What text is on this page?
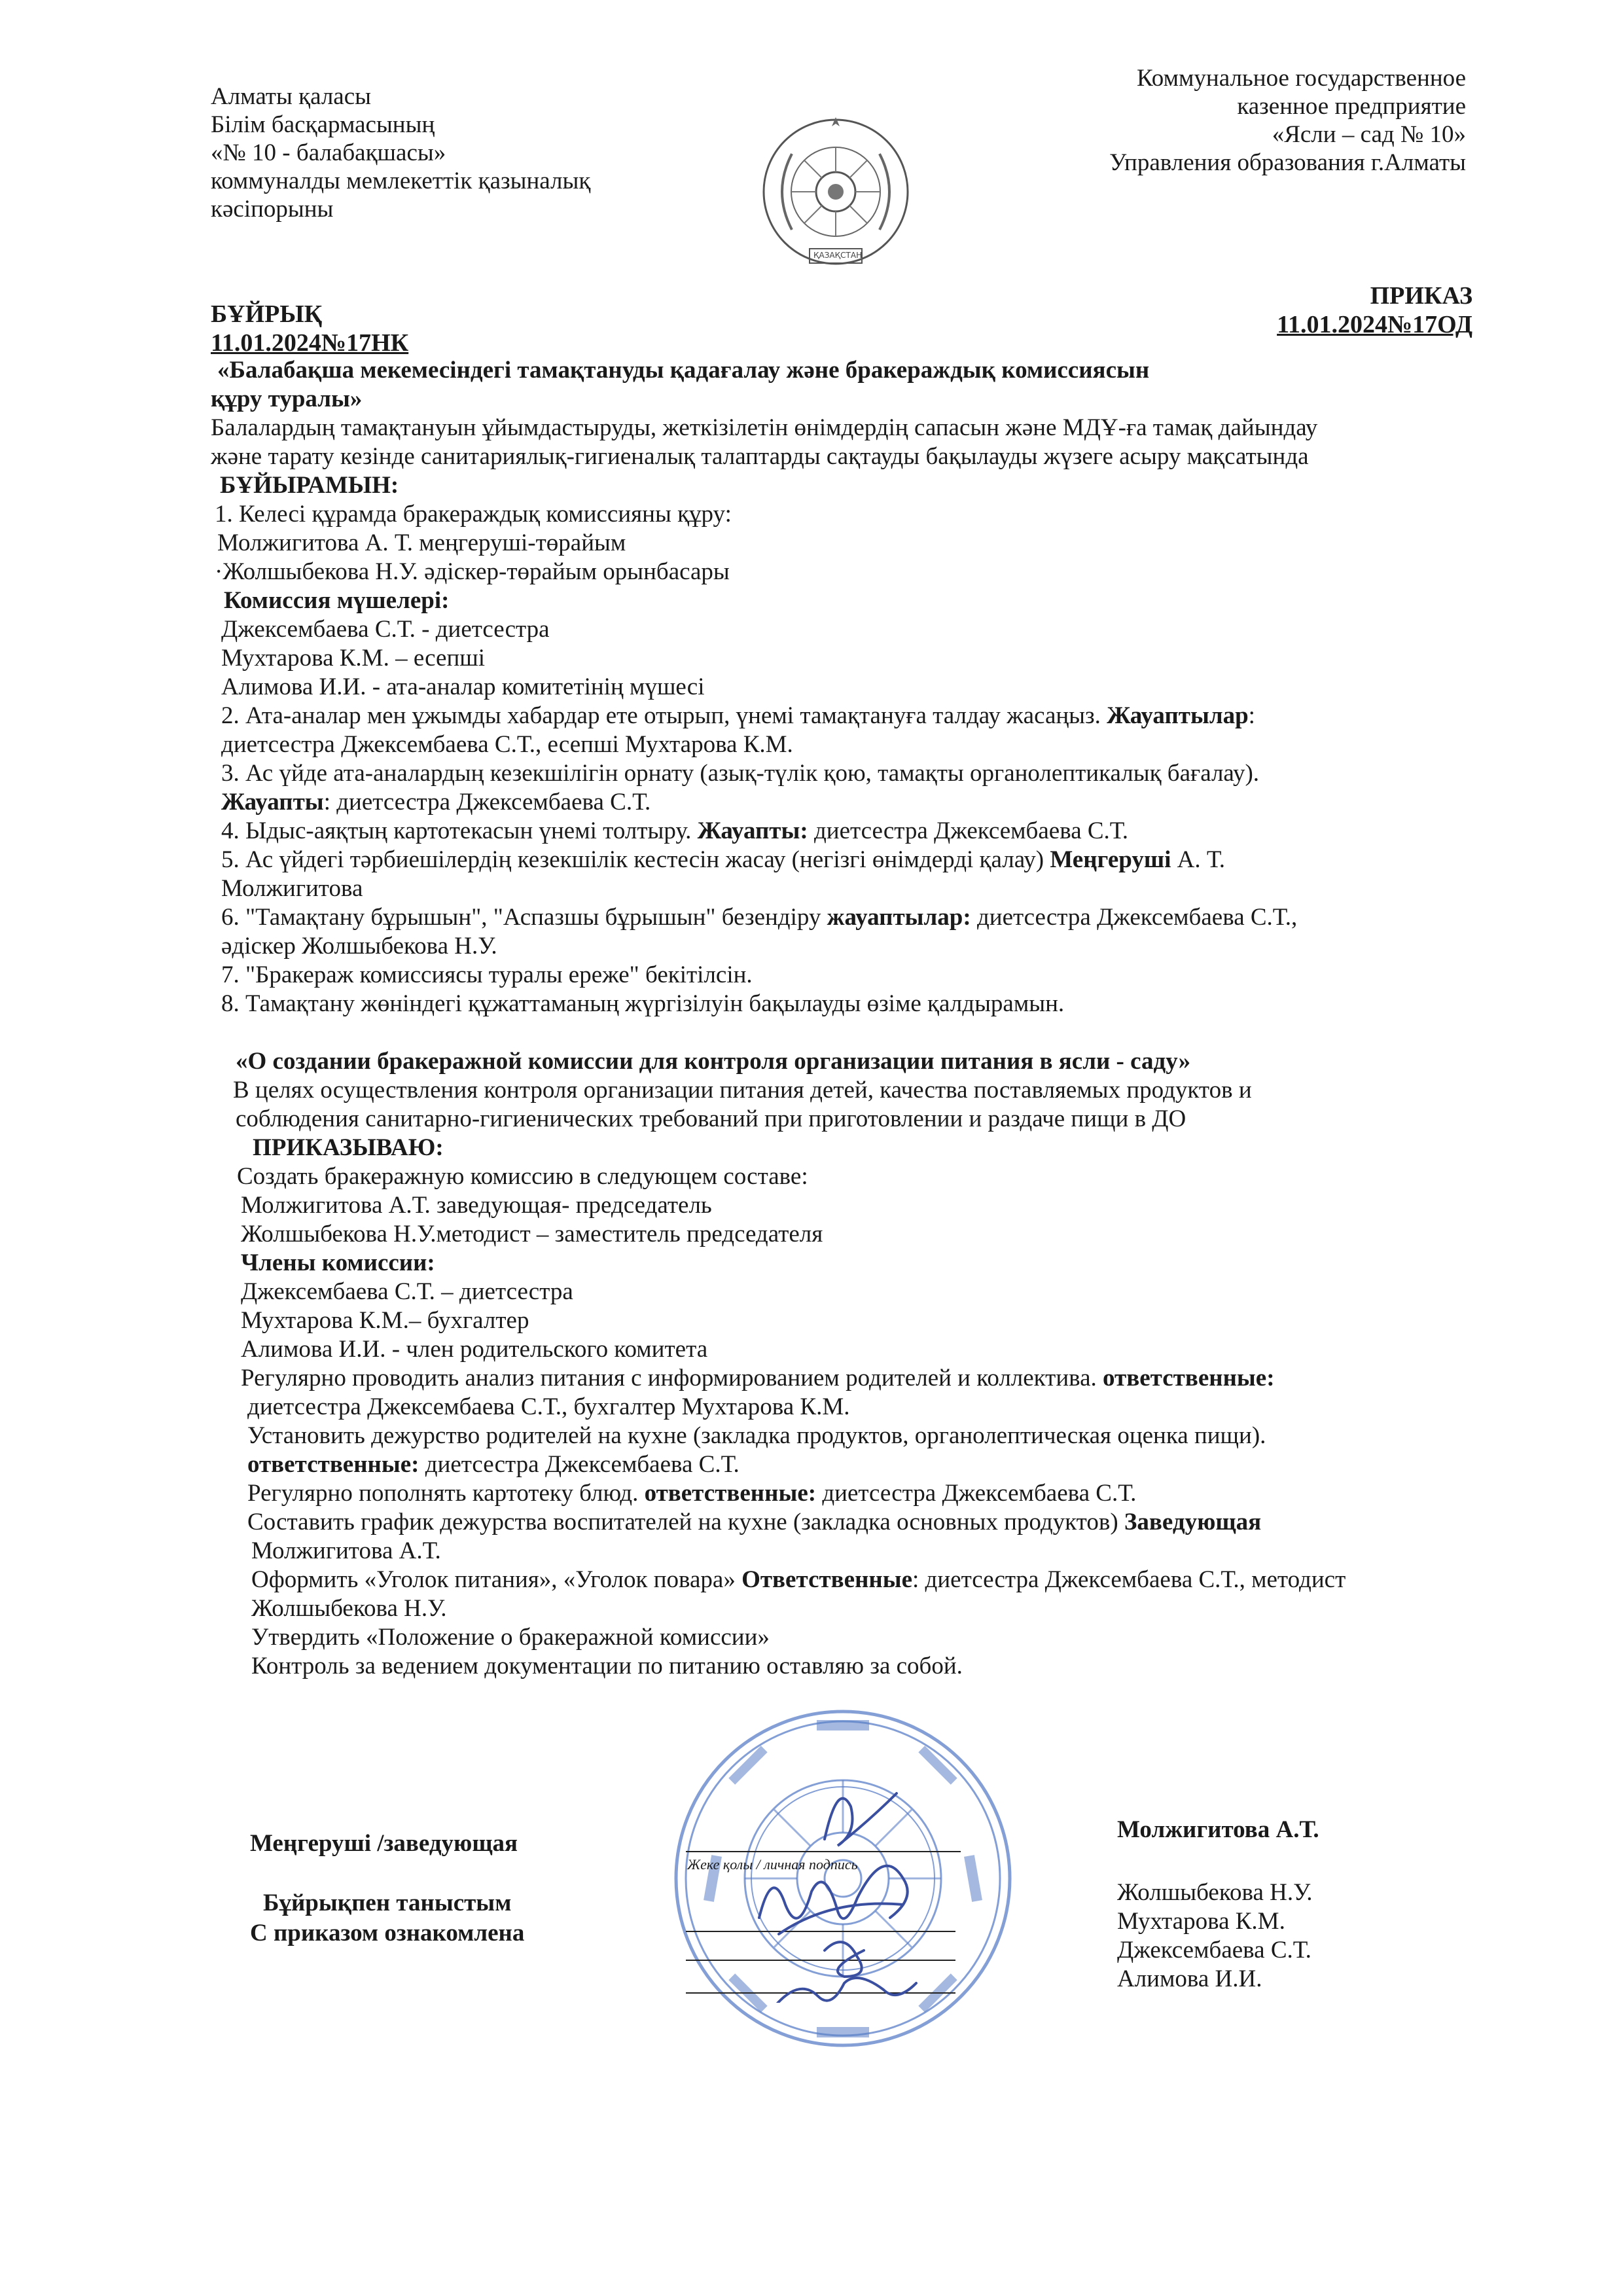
Алматы қаласы
Білім басқармасының
«№ 10 - балабақшасы»
коммуналды мемлекеттік қазыналық
кәсіпорыны
ҚАЗАҚСТАН
Коммунальное государственное
казенное предприятие
«Ясли – сад № 10»
Управления образования г.Алматы
БҰЙРЫҚ
11.01.2024№17НК
ПРИКАЗ
11.01.2024№17ОД
«Балабақша мекемесіндегі тамақтануды қадағалау және бракераждық комиссиясын
құру туралы»
Балалардың тамақтануын ұйымдастыруды, жеткізілетін өнімдердің сапасын және МДҰ-ға тамақ дайындау
және тарату кезінде санитариялық-гигиеналық талаптарды сақтауды бақылауды жүзеге асыру мақсатында
БҰЙЫРАМЫН:
1. Келесі құрамда бракераждық комиссияны құру:
Молжигитова А. Т. меңгеруші-төрайым
·Жолшыбекова Н.У. әдіскер-төрайым орынбасары
Комиссия мүшелері:
Джексембаева С.Т. - диетсестра
Мухтарова К.М. – есепші
Алимова И.И. - ата-аналар комитетінің мүшесі
2. Ата-аналар мен ұжымды хабардар ете отырып, үнемі тамақтануға талдау жасаңыз. Жауаптылар:
диетсестра Джексембаева С.Т., есепші Мухтарова К.М.
3. Ас үйде ата-аналардың кезекшілігін орнату (азық-түлік қою, тамақты органолептикалық бағалау).
Жауапты: диетсестра Джексембаева С.Т.
4. Ыдыс-аяқтың картотекасын үнемі толтыру. Жауапты: диетсестра Джексембаева С.Т.
5. Ас үйдегі тәрбиешілердің кезекшілік кестесін жасау (негізгі өнімдерді қалау) Меңгеруші А. Т.
Молжигитова
6. "Тамақтану бұрышын", "Аспазшы бұрышын" безендіру жауаптылар: диетсестра Джексембаева С.Т.,
әдіскер Жолшыбекова Н.У.
7. "Бракераж комиссиясы туралы ереже" бекітілсін.
8. Тамақтану жөніндегі құжаттаманың жүргізілуін бақылауды өзіме қалдырамын.
«О создании бракеражной комиссии для контроля организации питания в ясли - саду»
В целях осуществления контроля организации питания детей, качества поставляемых продуктов и
соблюдения санитарно-гигиенических требований при приготовлении и раздаче пищи в ДО
ПРИКАЗЫВАЮ:
Создать бракеражную комиссию в следующем составе:
Молжигитова А.Т. заведующая- председатель
Жолшыбекова Н.У.методист – заместитель председателя
Члены комиссии:
Джексембаева С.Т. – диетсестра
Мухтарова К.М.– бухгалтер
Алимова И.И. - член родительского комитета
Регулярно проводить анализ питания с информированием родителей и коллектива. ответственные:
диетсестра Джексембаева С.Т., бухгалтер Мухтарова К.М.
Установить дежурство родителей на кухне (закладка продуктов, органолептическая оценка пищи).
ответственные: диетсестра Джексембаева С.Т.
Регулярно пополнять картотеку блюд. ответственные: диетсестра Джексембаева С.Т.
Составить график дежурства воспитателей на кухне (закладка основных продуктов) Заведующая
Молжигитова А.Т.
Оформить «Уголок питания», «Уголок повара» Ответственные: диетсестра Джексембаева С.Т., методист
Жолшыбекова Н.У.
Утвердить «Положение о бракеражной комиссии»
Контроль за ведением документации по питанию оставляю за собой.
Жеке қолы / личная подпись
Меңгеруші /заведующая
Молжигитова А.Т.
Бұйрықпен таныстым
С приказом ознакомлена
Жолшыбекова Н.У.
Мухтарова К.М.
Джексембаева С.Т.
Алимова И.И.
